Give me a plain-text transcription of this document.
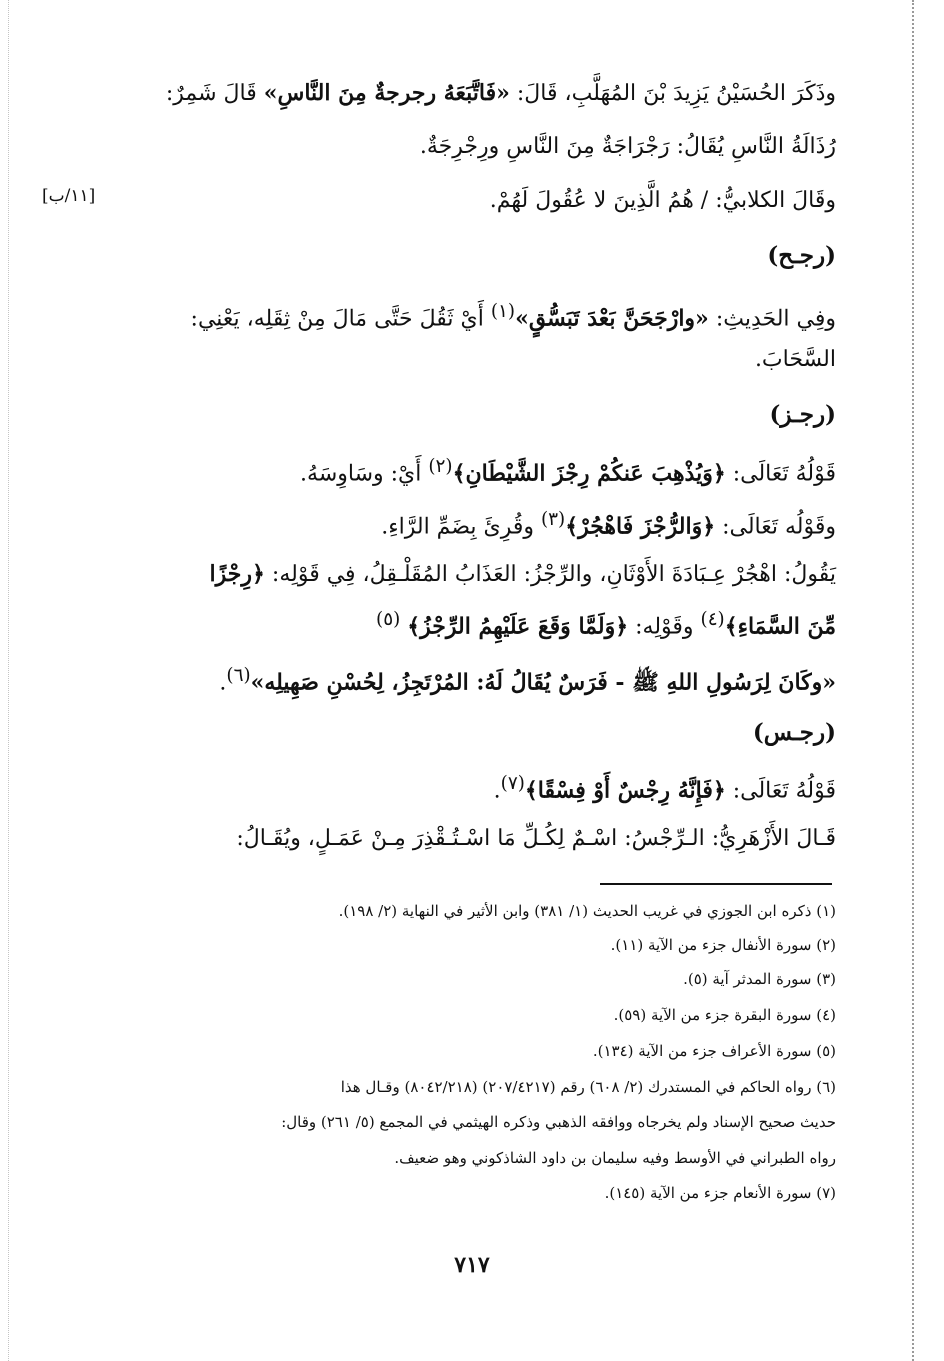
وذَكَرَ الحُسَيْنُ يَزِيدَ بْنَ المُهَلَّبِ، قَالَ: «فَاتَّبَعَهُ رجرجةٌ مِنَ النَّاسِ» قَالَ شَمِرٌ:
رُذَالَةُ النَّاسِ يُقَالُ: رَجْرَاجَةٌ مِنَ النَّاسِ ورِجْرِجَةٌ.
[١١/ب]	وقَالَ الكلابيُّ: / هُمُ الَّذِينَ لا عُقُولَ لَهُمْ.
(رجـح)
وفِي الحَدِيثِ: «وارْجَحَنَّ بَعْدَ تَبَسُّقٍ»$^{(١)}$ أَيْ ثَقُلَ حَتَّى مَالَ مِنْ ثِقَلِه، يَعْنِي:
السَّحَابَ.
(رجـز)
قَوْلُهُ تَعَالَى: ﴿وَيُذْهِبَ عَنكُمْ رِجْزَ الشَّيْطَانِ﴾$^{(٢)}$ أَيْ: وسَاوِسَهُ.
وقَوْلُه تَعَالَى: ﴿وَالرُّجْزَ فَاهْجُرْ﴾$^{(٣)}$ وقُرِئَ بِضَمِّ الرَّاءِ.
يَقُولُ: اهْجُرْ عِـبَادَةَ الأَوْثَانِ، والرِّجْزُ: العَذَابُ المُقَلْـقِلُ، فِي قَوْلِه: ﴿رِجْزًا
مِّنَ السَّمَاءِ﴾$^{(٤)}$ وقَوْلِه: ﴿وَلَمَّا وَقَعَ عَلَيْهِمُ الرِّجْزُ﴾ $^{(٥)}$
«وكَانَ لِرَسُولِ اللهِ ﷺ - فَرَسٌ يُقَالُ لَهُ: المُرْتَجِزُ، لِحُسْنِ صَهِيلِه»$^{(٦)}$.
(رجـس)
قَوْلُهُ تَعَالَى: ﴿فَإِنَّهُ رِجْسٌ أَوْ فِسْقًا﴾$^{(٧)}$.
قَـالَ الأَزْهَرِيُّ: الـرِّجْسُ: اسْـمٌ لِكُـلِّ مَا اسْـتُـقْذِرَ مِـنْ عَمَـلٍ، ويُقَـالُ:
(١) ذكره ابن الجوزي في غريب الحديث (١/ ٣٨١) وابن الأثير في النهاية (٢/ ١٩٨).
(٢) سورة الأنفال جزء من الآية (١١).
(٣) سورة المدثر آية (٥).
(٤) سورة البقرة جزء من الآية (٥٩).
(٥) سورة الأعراف جزء من الآية (١٣٤).
(٦) رواه الحاكم في المستدرك (٢/ ٦٠٨) رقم (٢٠٧/٤٢١٧) (٨٠٤٢/٢١٨) وقـال هذا
حديث صحيح الإسناد ولم يخرجاه ووافقه الذهبي وذكره الهيثمي في المجمع (٥/ ٢٦١) وقال:
رواه الطبراني في الأوسط وفيه سليمان بن داود الشاذكوني وهو ضعيف.
(٧) سورة الأنعام جزء من الآية (١٤٥).
٧١٧
